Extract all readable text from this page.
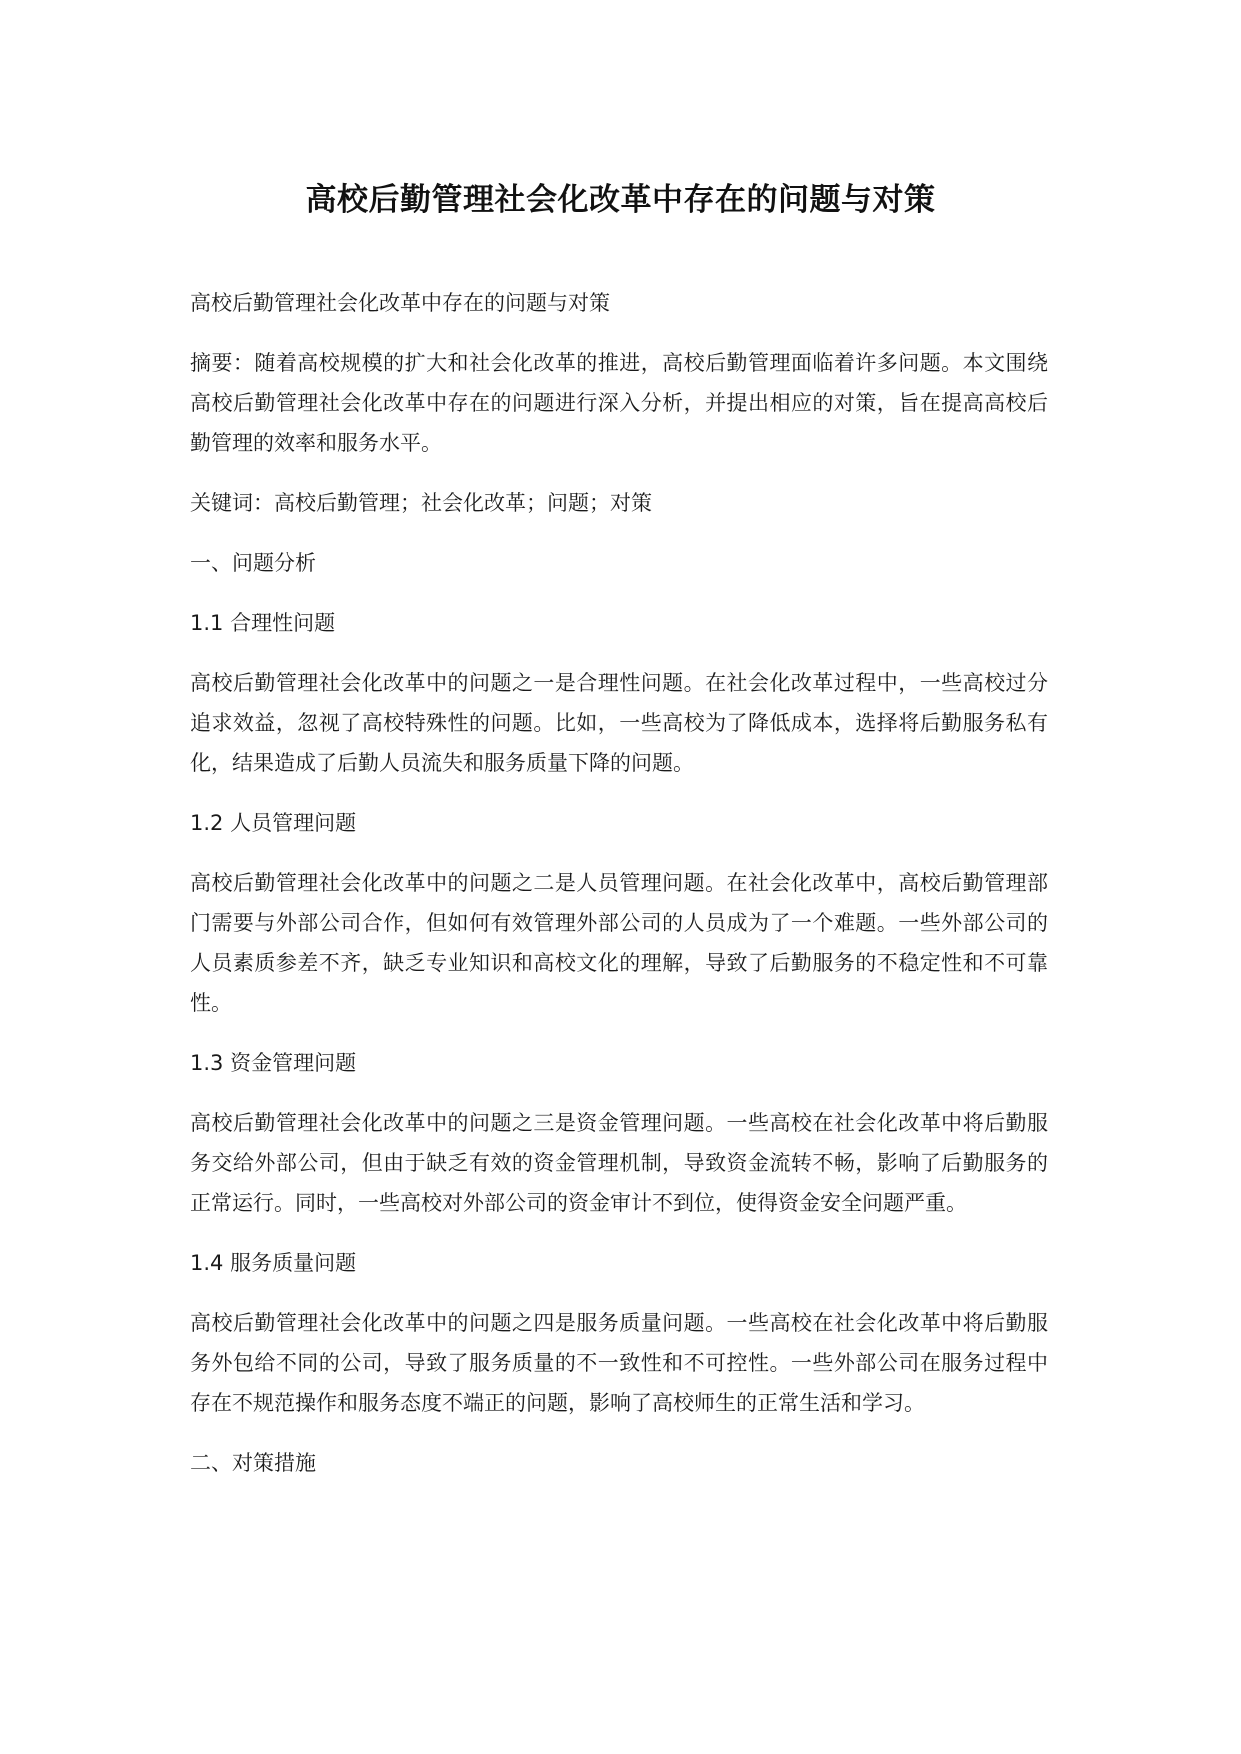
高校后勤管理社会化改革中存在的问题与对策

高校后勤管理社会化改革中存在的问题与对策

摘要：随着高校规模的扩大和社会化改革的推进，高校后勤管理面临着许多问题。本文围绕高校后勤管理社会化改革中存在的问题进行深入分析，并提出相应的对策，旨在提高高校后勤管理的效率和服务水平。

关键词：高校后勤管理；社会化改革；问题；对策

一、问题分析

1.1 合理性问题

高校后勤管理社会化改革中的问题之一是合理性问题。在社会化改革过程中，一些高校过分追求效益，忽视了高校特殊性的问题。比如，一些高校为了降低成本，选择将后勤服务私有化，结果造成了后勤人员流失和服务质量下降的问题。

1.2 人员管理问题

高校后勤管理社会化改革中的问题之二是人员管理问题。在社会化改革中，高校后勤管理部门需要与外部公司合作，但如何有效管理外部公司的人员成为了一个难题。一些外部公司的人员素质参差不齐，缺乏专业知识和高校文化的理解，导致了后勤服务的不稳定性和不可靠性。

1.3 资金管理问题

高校后勤管理社会化改革中的问题之三是资金管理问题。一些高校在社会化改革中将后勤服务交给外部公司，但由于缺乏有效的资金管理机制，导致资金流转不畅，影响了后勤服务的正常运行。同时，一些高校对外部公司的资金审计不到位，使得资金安全问题严重。

1.4 服务质量问题

高校后勤管理社会化改革中的问题之四是服务质量问题。一些高校在社会化改革中将后勤服务外包给不同的公司，导致了服务质量的不一致性和不可控性。一些外部公司在服务过程中存在不规范操作和服务态度不端正的问题，影响了高校师生的正常生活和学习。

二、对策措施
